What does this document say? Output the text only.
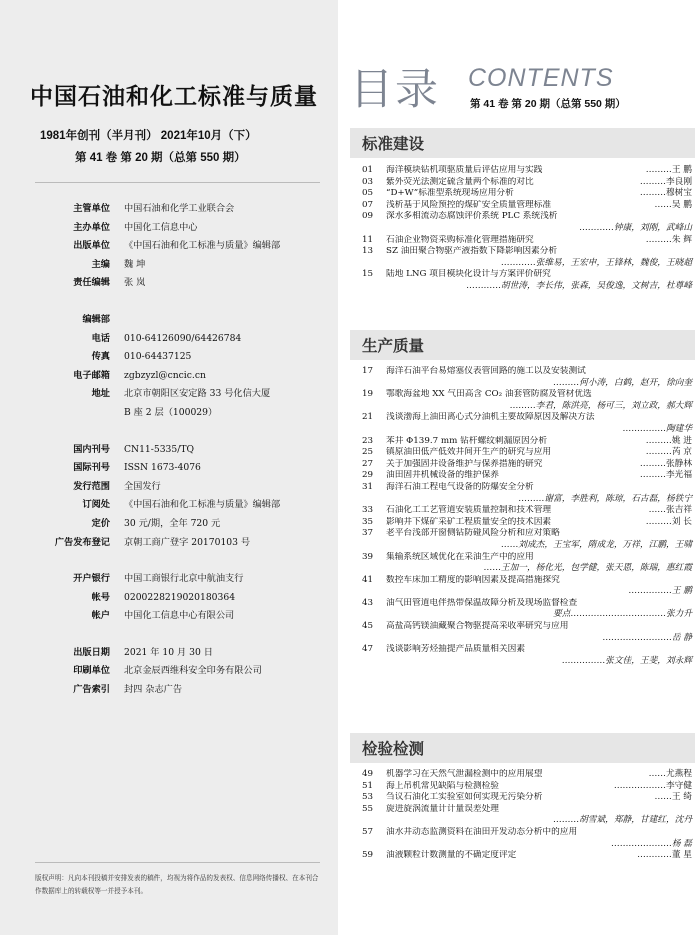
中国石油和化工标准与质量
1981年创刊（半月刊） 2021年10月（下）
第 41 卷 第 20 期（总第 550 期）
主管单位	中国石油和化学工业联合会
主办单位	中国化工信息中心
出版单位	《中国石油和化工标准与质量》编辑部
主编	魏 坤
责任编辑	张 岚
编辑部
电话	010-64126090/64426784
传真	010-64437125
电子邮箱	zgbzyzl@cncic.cn
地址	北京市朝阳区安定路 33 号化信大厦
B 座 2 层（100029）
国内刊号	CN11-5335/TQ
国际刊号	ISSN 1673-4076
发行范围	全国发行
订阅处	《中国石油和化工标准与质量》编辑部
定价	30 元/期，全年 720 元
广告发布登记	京朝工商广登字 20170103 号
开户银行	中国工商银行北京中航油支行
帐号	0200228219020180364
帐户	中国化工信息中心有限公司
出版日期	2021 年 10 月 30 日
印刷单位	北京金辰西维科安全印务有限公司
广告索引	封四 杂志广告
版权声明：凡向本刊投稿并安排发表的稿件，均视为将作品的发表权、信息网络传播权、在本刊合作数据库上的转载权等一并授予本刊。
目录 CONTENTS
第 41 卷 第 20 期（总第 550 期）
标准建设
01	海洋模块钻机项驱质量后评估应用与实践	………王 鹏
03	紫外荧光法测定硫含量两个标准的对比	………李良刚
05	“D+W”标准型系统现场应用分析	………穆树宝
07	浅析基于风险预控的煤矿安全质量管理标准	……吴 鹏
09	深水多相流动态腐蚀评价系统 PLC 系统浅析
…………钟康，刘刚，武峰山
11	石油企业物资采购标准化管理措施研究	………朱 辉
13	SZ 油田聚合物驱产液指数下降影响因素分析
…………张维易，王宏申，王锋林，魏俊，王晓超
15	陆地 LNG 项目模块化设计与方案评价研究
…………胡世涛，李长伟，张森，吴俊逸，文树吉，杜尊峰
生产质量
17	海洋石油平台易熔塞仪表管回路的施工以及安装测试
………何小涛，白鹤，赵开，徐向奎
19	鄂歌海盆地 XX 气田高含 CO₂ 油套管防腐及管材优选
………李君，陈洪亮，杨可三，刘立政，郝大辉
21	浅谈渤海上油田离心式分油机主要故障原因及解决方法
……………陶建华
23	苯井 Φ139.7 mm 钻杆螺纹刺漏原因分析	………姚 进
25	镇原油田低产低效井间开生产的研究与应用	………芮 京
27	关于加强固井设备维护与保养措施的研究	………张静林
29	油田固井机械设备的维护保养	………李光福
31	海洋石油工程电气设备的防爆安全分析
………谢富，李胜利，陈琼，石古磊，杨铁宁
33	石油化工工艺管道安装质量控制和技术管理	……张吉祥
35	影响井下煤矿采矿工程质量安全的技术因素	………刘 长
37	老平台浅部开窗侧钻防碰风险分析和应对策略
……刘成杰，王宝军，隋成龙，万祥，江鹏，王啸
39	集输系统区域优化在采油生产中的应用
……王加一，杨化光，包学健，张天恩，陈瑞，惠红霞
41	数控车床加工精度的影响因素及提高措施探究
……………王 鹏
43	油气田管道电伴热带保温故障分析及现场监督检查
要点……………………………张力升
45	高盐高钙镁油藏聚合物驱提高采收率研究与应用
……………………岳 静
47	浅谈影响芳烃抽提产品质量相关因素
……………张文佳，王斐，刘永辉
检验检测
49	机器学习在天然气泄漏检测中的应用展望	……尤燕程
51	海上吊机常见缺陷与检测检验	………………李守健
53	刍议石油化工实验室如何实现无污染分析	……王 绮
55	旋进旋涡流量计计量误差处理
………胡雪斌，郑静，甘建红，沈丹
57	油水井动态监测资料在油田开发动态分析中的应用
…………………杨 磊
59	油液颗粒计数测量的不确定度评定	…………董 星
